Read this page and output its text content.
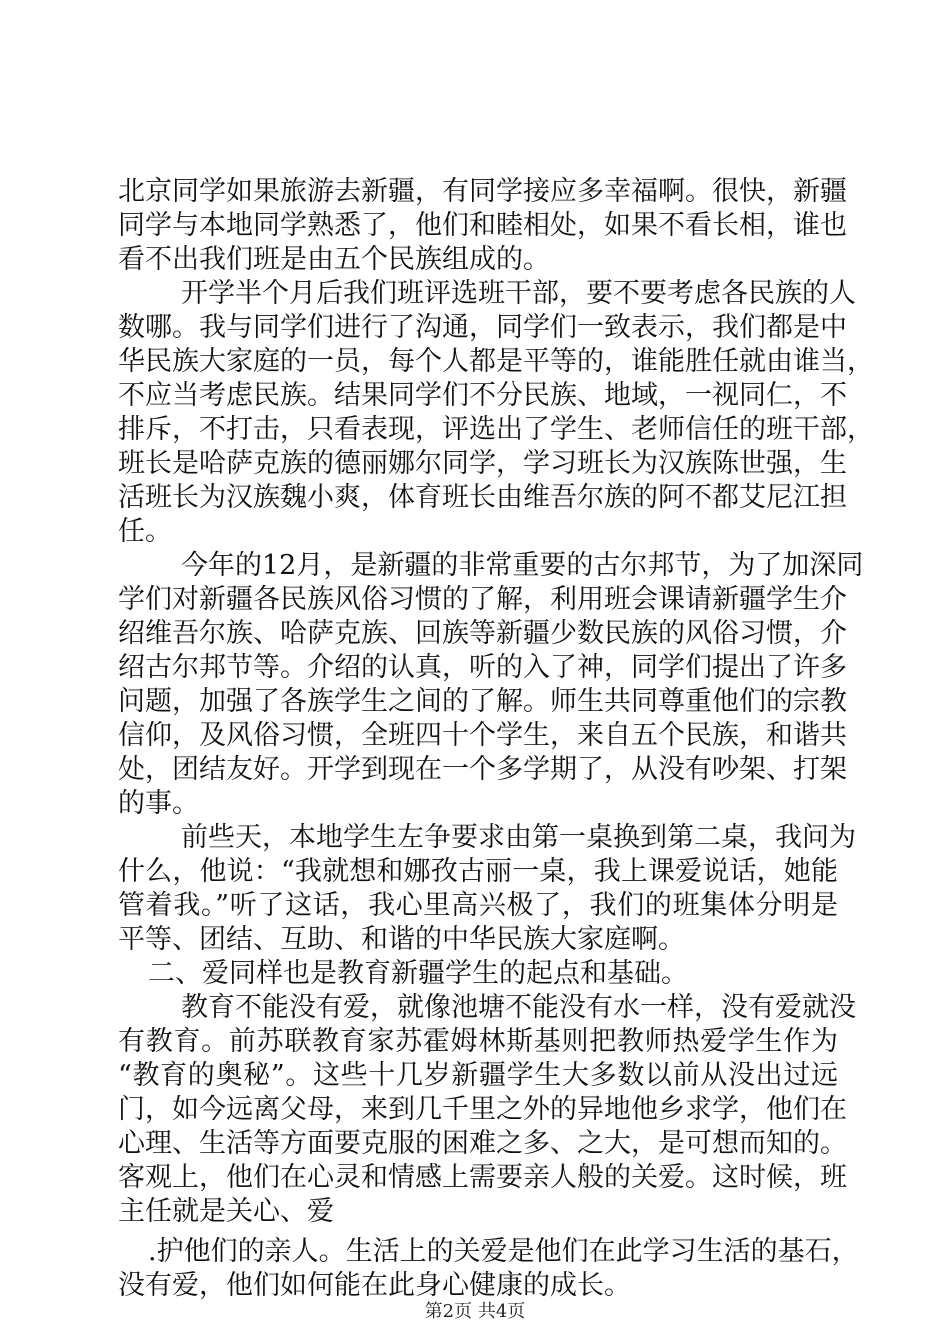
北京同学如果旅游去新疆，有同学接应多幸福啊。很快，新疆
同学与本地同学熟悉了，他们和睦相处，如果不看长相，谁也
看不出我们班是由五个民族组成的。
开学半个月后我们班评选班干部，要不要考虑各民族的人
数哪。我与同学们进行了沟通，同学们一致表示，我们都是中
华民族大家庭的一员，每个人都是平等的，谁能胜任就由谁当，
不应当考虑民族。结果同学们不分民族、地域，一视同仁，不
排斥，不打击，只看表现，评选出了学生、老师信任的班干部，
班长是哈萨克族的德丽娜尔同学，学习班长为汉族陈世强，生
活班长为汉族魏小爽，体育班长由维吾尔族的阿不都艾尼江担
任。
今年的12月，是新疆的非常重要的古尔邦节，为了加深同
学们对新疆各民族风俗习惯的了解，利用班会课请新疆学生介
绍维吾尔族、哈萨克族、回族等新疆少数民族的风俗习惯，介
绍古尔邦节等。介绍的认真，听的入了神，同学们提出了许多
问题，加强了各族学生之间的了解。师生共同尊重他们的宗教
信仰，及风俗习惯，全班四十个学生，来自五个民族，和谐共
处，团结友好。开学到现在一个多学期了，从没有吵架、打架
的事。
前些天，本地学生左争要求由第一桌换到第二桌，我问为
什么，他说：“我就想和娜孜古丽一桌，我上课爱说话，她能
管着我。”听了这话，我心里高兴极了，我们的班集体分明是
平等、团结、互助、和谐的中华民族大家庭啊。
二、爱同样也是教育新疆学生的起点和基础。
教育不能没有爱，就像池塘不能没有水一样，没有爱就没
有教育。前苏联教育家苏霍姆林斯基则把教师热爱学生作为
“教育的奥秘”。这些十几岁新疆学生大多数以前从没出过远
门，如今远离父母，来到几千里之外的异地他乡求学，他们在
心理、生活等方面要克服的困难之多、之大，是可想而知的。
客观上，他们在心灵和情感上需要亲人般的关爱。这时候，班
主任就是关心、爱
.护他们的亲人。生活上的关爱是他们在此学习生活的基石，
没有爱，他们如何能在此身心健康的成长。
第2页 共4页
